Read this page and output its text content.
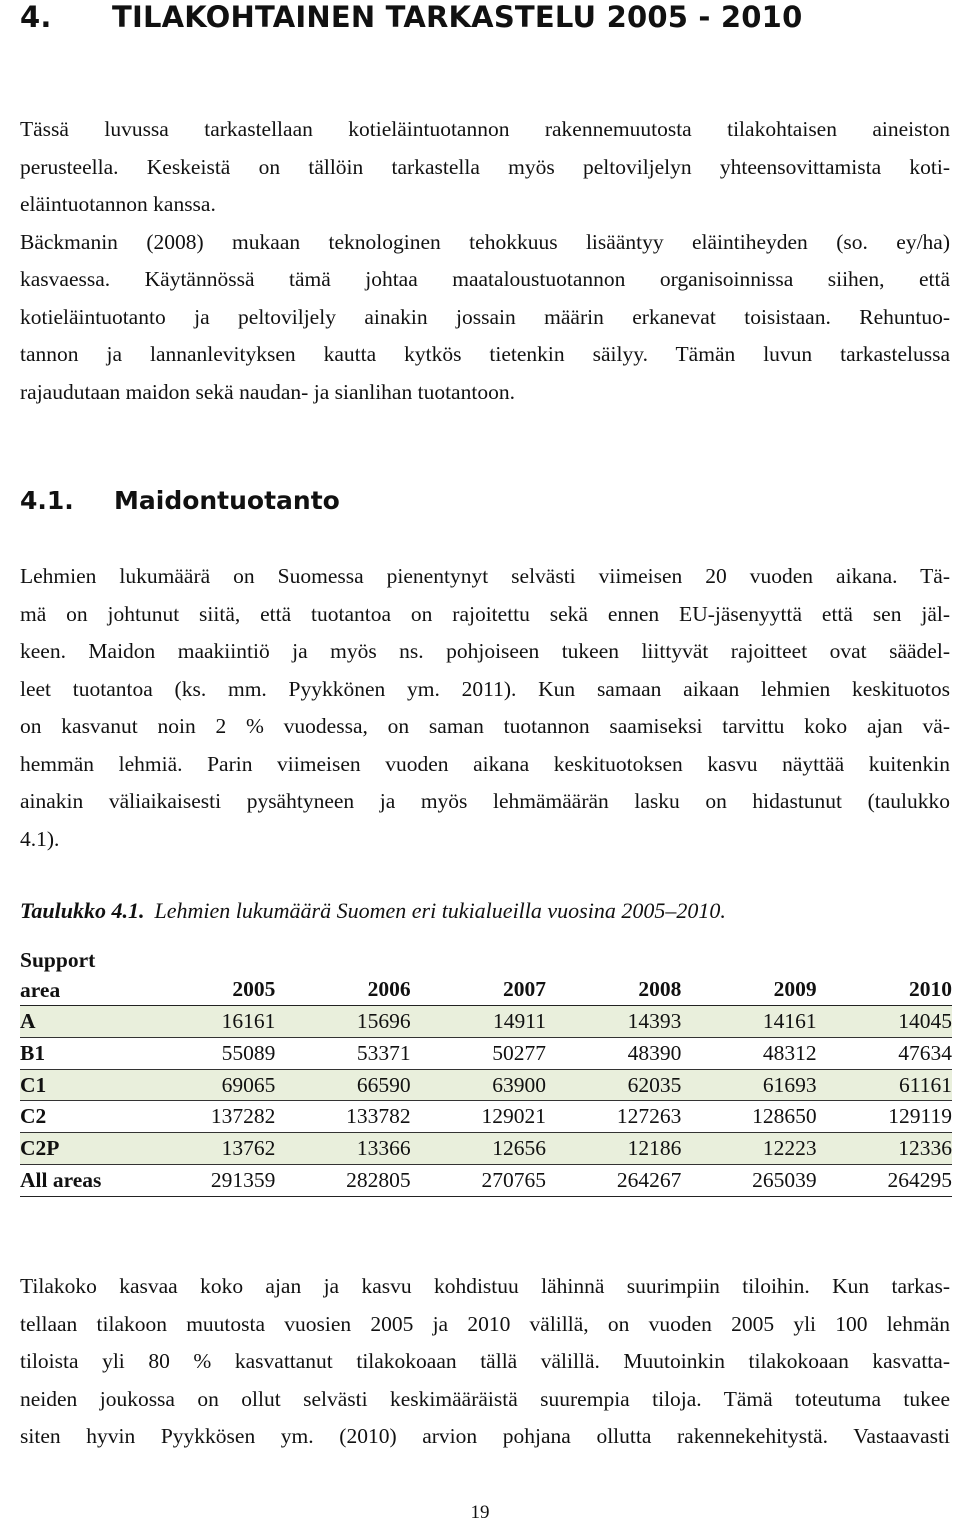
4. TILAKOHTAINEN TARKASTELU 2005 - 2010
Tässä luvussa tarkastellaan kotieläintuotannon rakennemuutosta tilakohtaisen aineiston
perusteella. Keskeistä on tällöin tarkastella myös peltoviljelyn yhteensovittamista koti-
eläintuotannon kanssa.
Bäckmanin (2008) mukaan teknologinen tehokkuus lisääntyy eläintiheyden (so. ey/ha)
kasvaessa. Käytännössä tämä johtaa maataloustuotannon organisoinnissa siihen, että
kotieläintuotanto ja peltoviljely ainakin jossain määrin erkanevat toisistaan. Rehuntuo-
tannon ja lannanlevityksen kautta kytkös tietenkin säilyy. Tämän luvun tarkastelussa
rajaudutaan maidon sekä naudan- ja sianlihan tuotantoon.
4.1. Maidontuotanto
Lehmien lukumäärä on Suomessa pienentynyt selvästi viimeisen 20 vuoden aikana. Tä-
mä on johtunut siitä, että tuotantoa on rajoitettu sekä ennen EU-jäsenyyttä että sen jäl-
keen. Maidon maakiintiö ja myös ns. pohjoiseen tukeen liittyvät rajoitteet ovat säädel-
leet tuotantoa (ks. mm. Pyykkönen ym. 2011). Kun samaan aikaan lehmien keskituotos
on kasvanut noin 2 % vuodessa, on saman tuotannon saamiseksi tarvittu koko ajan vä-
hemmän lehmiä. Parin viimeisen vuoden aikana keskituotoksen kasvu näyttää kuitenkin
ainakin väliaikaisesti pysähtyneen ja myös lehmämäärän lasku on hidastunut (taulukko
4.1).
Taulukko 4.1. Lehmien lukumäärä Suomen eri tukialueilla vuosina 2005–2010.
Support
area	2005	2006	2007	2008	2009	2010
A	16161	15696	14911	14393	14161	14045
B1	55089	53371	50277	48390	48312	47634
C1	69065	66590	63900	62035	61693	61161
C2	137282	133782	129021	127263	128650	129119
C2P	13762	13366	12656	12186	12223	12336
All areas	291359	282805	270765	264267	265039	264295
Tilakoko kasvaa koko ajan ja kasvu kohdistuu lähinnä suurimpiin tiloihin. Kun tarkas-
tellaan tilakoon muutosta vuosien 2005 ja 2010 välillä, on vuoden 2005 yli 100 lehmän
tiloista yli 80 % kasvattanut tilakokoaan tällä välillä. Muutoinkin tilakokoaan kasvatta-
neiden joukossa on ollut selvästi keskimääräistä suurempia tiloja. Tämä toteutuma tukee
siten hyvin Pyykkösen ym. (2010) arvion pohjana ollutta rakennekehitystä. Vastaavasti
19
